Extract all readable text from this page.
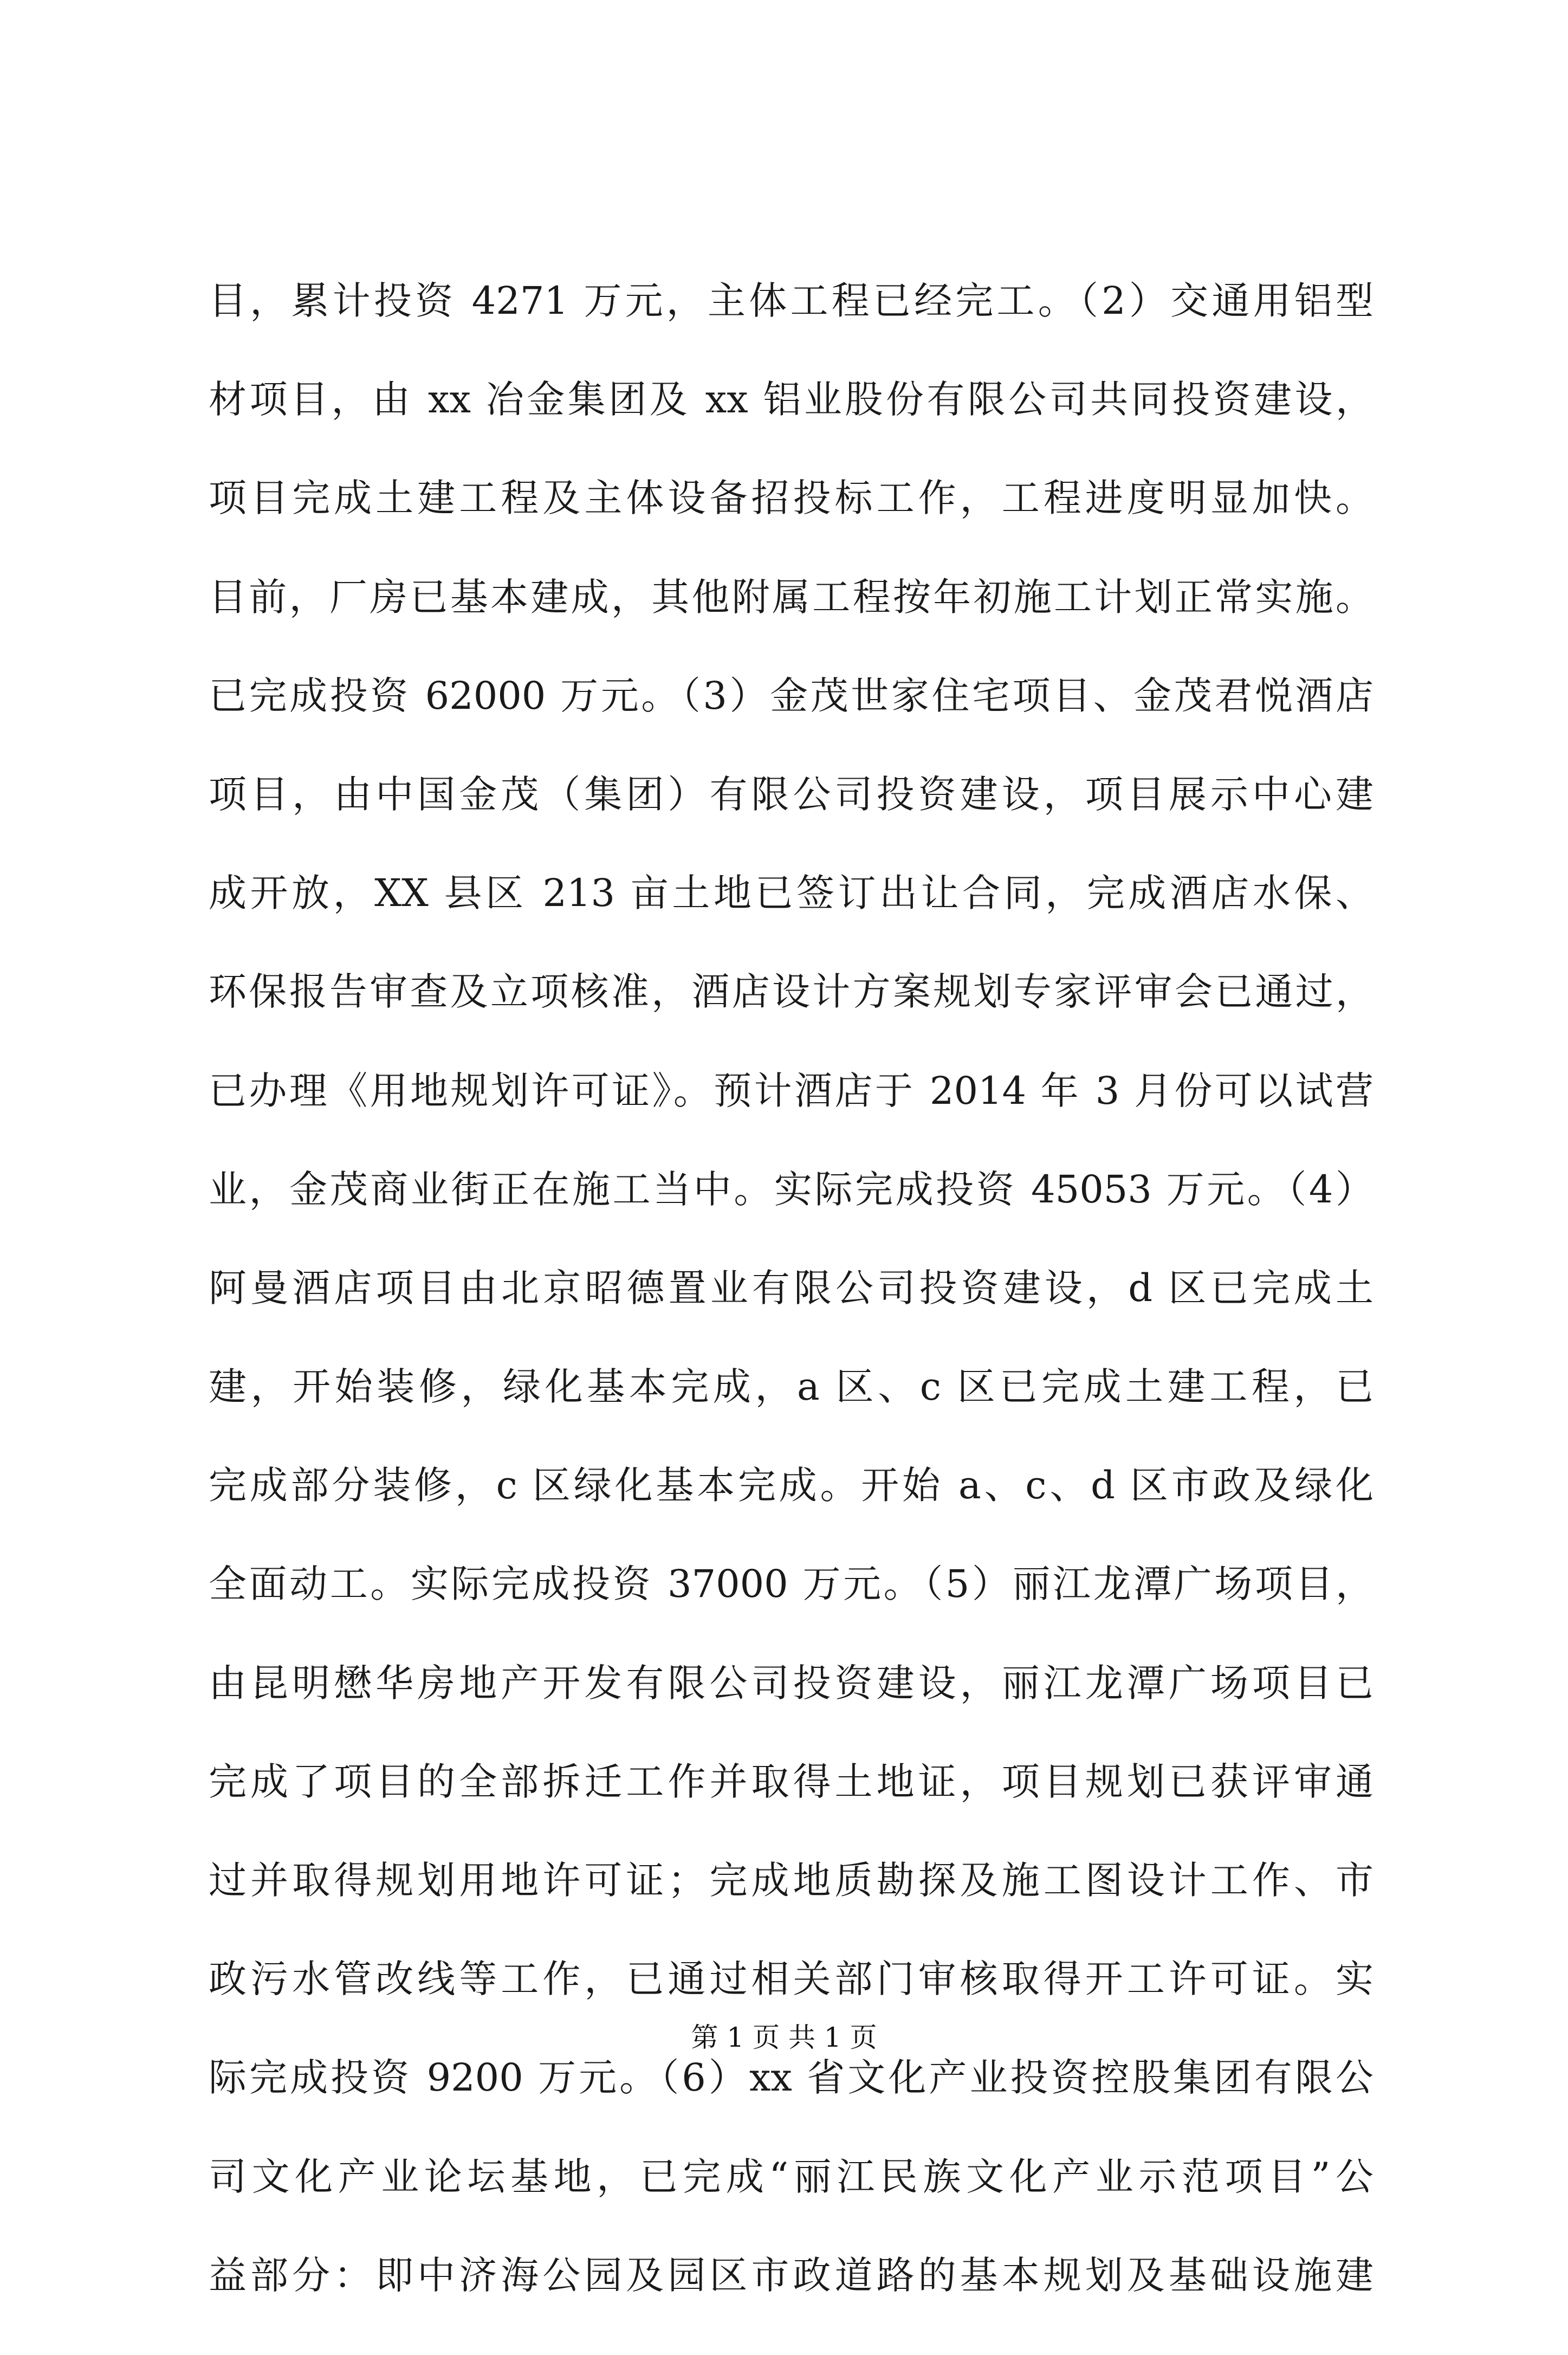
目，累计投资 4271 万元，主体工程已经完工。（2）交通用铝型
材项目，由 xx 冶金集团及 xx 铝业股份有限公司共同投资建设，
项目完成土建工程及主体设备招投标工作，工程进度明显加快。
目前，厂房已基本建成，其他附属工程按年初施工计划正常实施。
已完成投资 62000 万元。（3）金茂世家住宅项目、金茂君悦酒店
项目，由中国金茂（集团）有限公司投资建设，项目展示中心建
成开放，XX 县区 213 亩土地已签订出让合同，完成酒店水保、
环保报告审查及立项核准，酒店设计方案规划专家评审会已通过，
已办理《用地规划许可证》。预计酒店于 2014 年 3 月份可以试营
业，金茂商业街正在施工当中。实际完成投资 45053 万元。（4）
阿曼酒店项目由北京昭德置业有限公司投资建设，d 区已完成土
建，开始装修，绿化基本完成，a 区、c 区已完成土建工程，已
完成部分装修，c 区绿化基本完成。开始 a、c、d 区市政及绿化
全面动工。实际完成投资 37000 万元。（5）丽江龙潭广场项目，
由昆明懋华房地产开发有限公司投资建设，丽江龙潭广场项目已
完成了项目的全部拆迁工作并取得土地证，项目规划已获评审通
过并取得规划用地许可证；完成地质勘探及施工图设计工作、市
政污水管改线等工作，已通过相关部门审核取得开工许可证。实
际完成投资 9200 万元。（6）xx 省文化产业投资控股集团有限公
司文化产业论坛基地，已完成“丽江民族文化产业示范项目”公
益部分：即中济海公园及园区市政道路的基本规划及基础设施建
第 1 页 共 1 页
